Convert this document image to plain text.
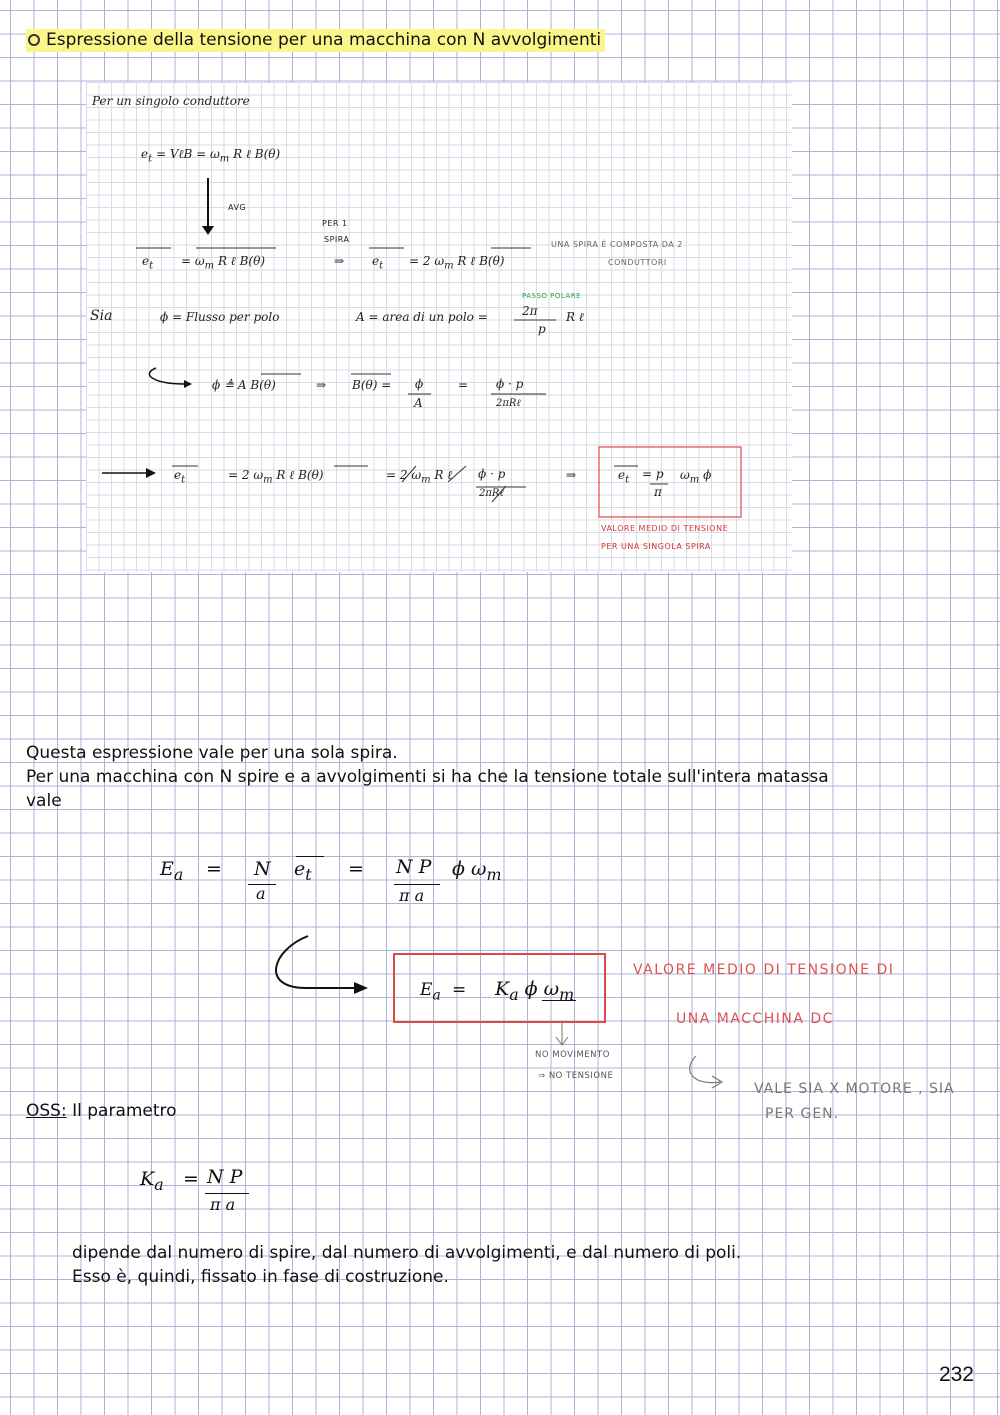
Espressione della tensione per una macchina con N avvolgimenti
Per un singolo conduttore
$e_t$ = VℓB = $\omega_m$ R ℓ B(θ)
AVG
PER 1
SPIRA
$e_t = \omega_m$ R ℓ B(θ)	⇒ $e_t = 2$ $\omega_m$ R ℓ B(θ)
UNA SPIRA È COMPOSTA DA 2
CONDUTTORI
Sia	ϕ = Flusso per polo	A = area di un polo =
PASSO POLARE
2π
p
R ℓ
ϕ ≜ A B(θ)	⇒ B(θ) = ϕ
A
= ϕ · p
2πRℓ
$e_t$	= 2 $\omega_m$ R ℓ B(θ)	= 2 $\omega_m$ R ℓ ϕ · p
2πRℓ
⇒	$e_t = p$
π
$\omega_m$ ϕ
VALORE MEDIO DI TENSIONE
PER UNA SINGOLA SPIRA
Questa espressione vale per una sola spira.
Per una macchina con N spire e a avvolgimenti si ha che la tensione totale sull'intera matassa
vale
$E_a = N$
a
$e_t = N$ P
π a
ϕ $\omega_m$
$E_a = K_a$ ϕ $\omega_m$
NO MOVIMENTO
⇒ NO TENSIONE
VALORE MEDIO DI TENSIONE DI
UNA MACCHINA DC
VALE SIA X MOTORE , SIA
PER GEN.
OSS: Il parametro
$K_a = N$ P
π a
dipende dal numero di spire, dal numero di avvolgimenti, e dal numero di poli.
Esso è, quindi, fissato in fase di costruzione.
232
